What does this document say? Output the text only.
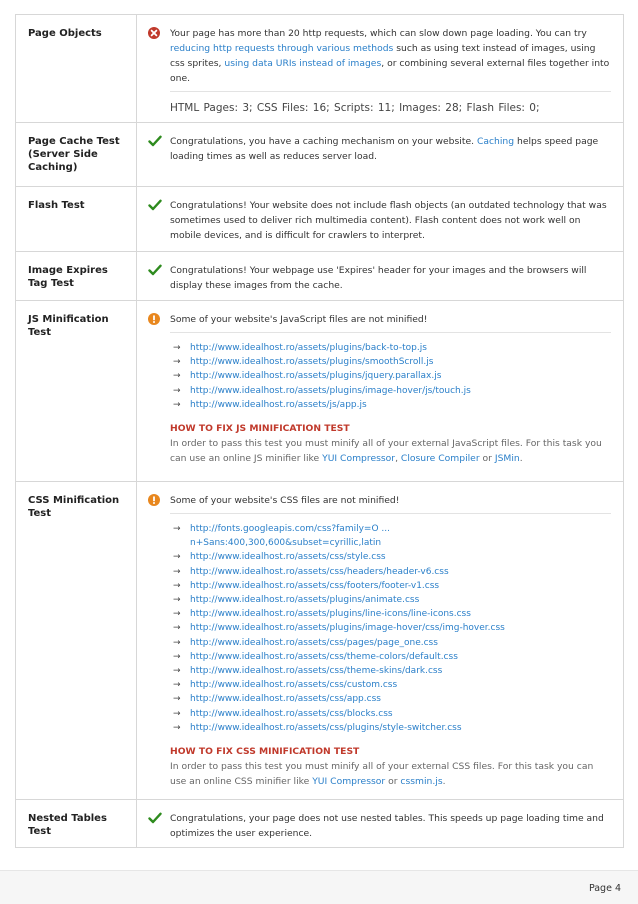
Page Objects	Your page has more than 20 http requests, which can slow down page loading. You can try reducing http requests through various methods such as using text instead of images, using css sprites, using data URIs instead of images, or combining several external files together into one.

HTML Pages: 3; CSS Files: 16; Scripts: 11; Images: 28; Flash Files: 0;
Page Cache Test (Server Side Caching)

Congratulations, you have a caching mechanism on your website. Caching helps speed page loading times as well as reduces server load.

Flash Test	Congratulations! Your website does not include flash objects (an outdated technology that was sometimes used to deliver rich multimedia content). Flash content does not work well on mobile devices, and is difficult for crawlers to interpret.

Image Expires Tag Test

Congratulations! Your webpage use 'Expires' header for your images and the browsers will display these images from the cache.

JS Minification Test

Some of your website's JavaScript files are not minified!

→ http://www.idealhost.ro/assets/plugins/back-to-top.js
→ http://www.idealhost.ro/assets/plugins/smoothScroll.js
→ http://www.idealhost.ro/assets/plugins/jquery.parallax.js
→ http://www.idealhost.ro/assets/plugins/image-hover/js/touch.js
→ http://www.idealhost.ro/assets/js/app.js
HOW TO FIX JS MINIFICATION TEST

In order to pass this test you must minify all of your external JavaScript files. For this task you can use an online JS minifier like YUI Compressor, Closure Compiler or JSMin.

CSS Minification Test

Some of your website's CSS files are not minified!

→ http://fonts.googleapis.com/css?family=O ...
n+Sans:400,300,600&subset=cyrillic,latin
→ http://www.idealhost.ro/assets/css/style.css
→ http://www.idealhost.ro/assets/css/headers/header-v6.css
→ http://www.idealhost.ro/assets/css/footers/footer-v1.css
→ http://www.idealhost.ro/assets/plugins/animate.css
→ http://www.idealhost.ro/assets/plugins/line-icons/line-icons.css
→ http://www.idealhost.ro/assets/plugins/image-hover/css/img-hover.css
→ http://www.idealhost.ro/assets/css/pages/page_one.css
→ http://www.idealhost.ro/assets/css/theme-colors/default.css
→ http://www.idealhost.ro/assets/css/theme-skins/dark.css
→ http://www.idealhost.ro/assets/css/custom.css
→ http://www.idealhost.ro/assets/css/app.css
→ http://www.idealhost.ro/assets/css/blocks.css
→ http://www.idealhost.ro/assets/css/plugins/style-switcher.css
HOW TO FIX CSS MINIFICATION TEST

In order to pass this test you must minify all of your external CSS files. For this task you can use an online CSS minifier like YUI Compressor or cssmin.js.

Nested Tables Test

Congratulations, your page does not use nested tables. This speeds up page loading time and optimizes the user experience.

Page 4
